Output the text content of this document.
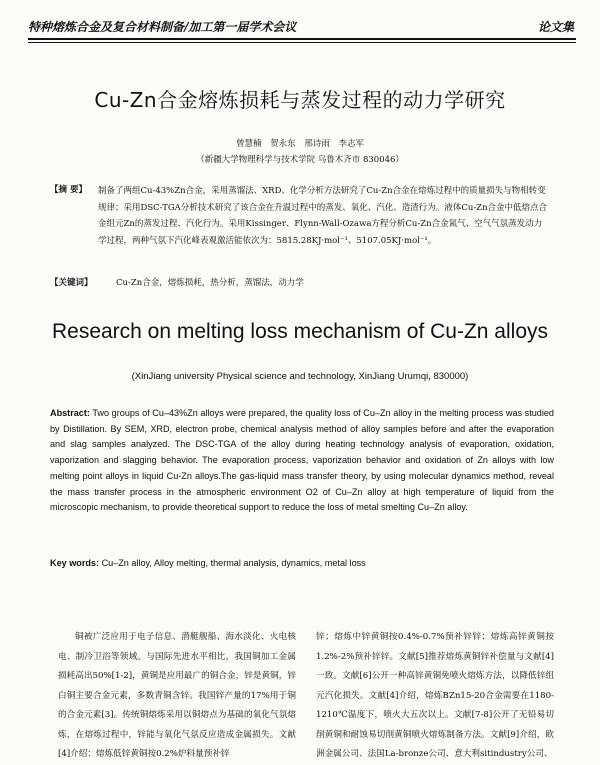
特种熔炼合金及复合材料制备/加工第一届学术会议	论文集
Cu-Zn合金熔炼损耗与蒸发过程的动力学研究
曾慧楠 贺永东 邢诗雨 李志军
（新疆大学物理科学与技术学院 乌鲁木齐市 830046）
【摘 要】 制备了两组Cu-43%Zn合金，采用蒸馏法、XRD、化学分析方法研究了Cu-Zn合金在熔炼过程中的质量损失与物相转变规律；采用DSC-TGA分析技术研究了该合金在升温过程中的蒸发、氧化、汽化、造渣行为。液体Cu-Zn合金中低熔点合金组元Zn的蒸发过程、汽化行为。采用Kissinger、Flynn-Wall-Ozawa方程分析Cu-Zn合金氮气、空气气氛蒸发动力学过程，两种气氛下汽化峰表观激活能依次为：5815.28KJ·mol⁻¹、5107.05KJ·mol⁻¹。
【关键词】	Cu-Zn合金，熔炼损耗，热分析，蒸馏法，动力学
Research on melting loss mechanism of Cu-Zn alloys
(XinJiang university Physical science and technology, XinJiang Urumqi, 830000)
Abstract: Two groups of Cu–43%Zn alloys were prepared, the quality loss of Cu–Zn alloy in the melting process was studied by Distillation. By SEM, XRD, electron probe, chemical analysis method of alloy samples before and after the evaporation and slag samples analyzed. The DSC-TGA of the alloy during heating technology analysis of evaporation, oxidation, vaporization and slagging behavior. The evaporation process, vaporization behavior and oxidation of Zn alloys with low melting point alloys in liquid Cu-Zn alloys.The gas-liquid mass transfer theory, by using molecular dynamics method, reveal the mass transfer process in the atmospheric environment O2 of Cu–Zn alloy at high temperature of liquid from the microscopic mechanism, to provide theoretical support to reduce the loss of metal smelting Cu–Zn alloy.
Key words: Cu–Zn alloy, Alloy melting, thermal analysis, dynamics, metal loss
铜被广泛应用于电子信息、潜艇舰船、海水淡化、火电核电、制冷卫浴等领域。与国际先进水平相比，我国铜加工金属损耗高出50%[1-2]，黄铜是应用最广的铜合金，锌是黄铜，锌白铜主要合金元素，多数青铜含锌。我国锌产量的17%用于铜的合金元素[3]。传统铜熔炼采用以铜熔点为基础的氧化气氛熔炼，在熔炼过程中，锌能与氧化气氛反应造成金属损失。文献[4]介绍：熔炼低锌黄铜按0.2%炉料量预补锌
锌；熔炼中锌黄铜按0.4%-0.7%预补锌锌；熔炼高锌黄铜按1.2%-2%预补锌锌。文献[5]推荐熔炼黄铜锌补偿量与文献[4]一致。文献[6]公开一种高锌黄铜免喷火熔炼方法，以降低锌组元汽化损失。文献[4]介绍，熔炼BZn15-20合金需要在1180-1210℃温度下，喷火大五次以上。文献[7-8]公开了无铅易切削黄铜和耐蚀易切削黄铜喷火熔炼制备方法。文献[9]介绍，欧洲金属公司、法国La-bronze公司、意大利sitindustry公司、
